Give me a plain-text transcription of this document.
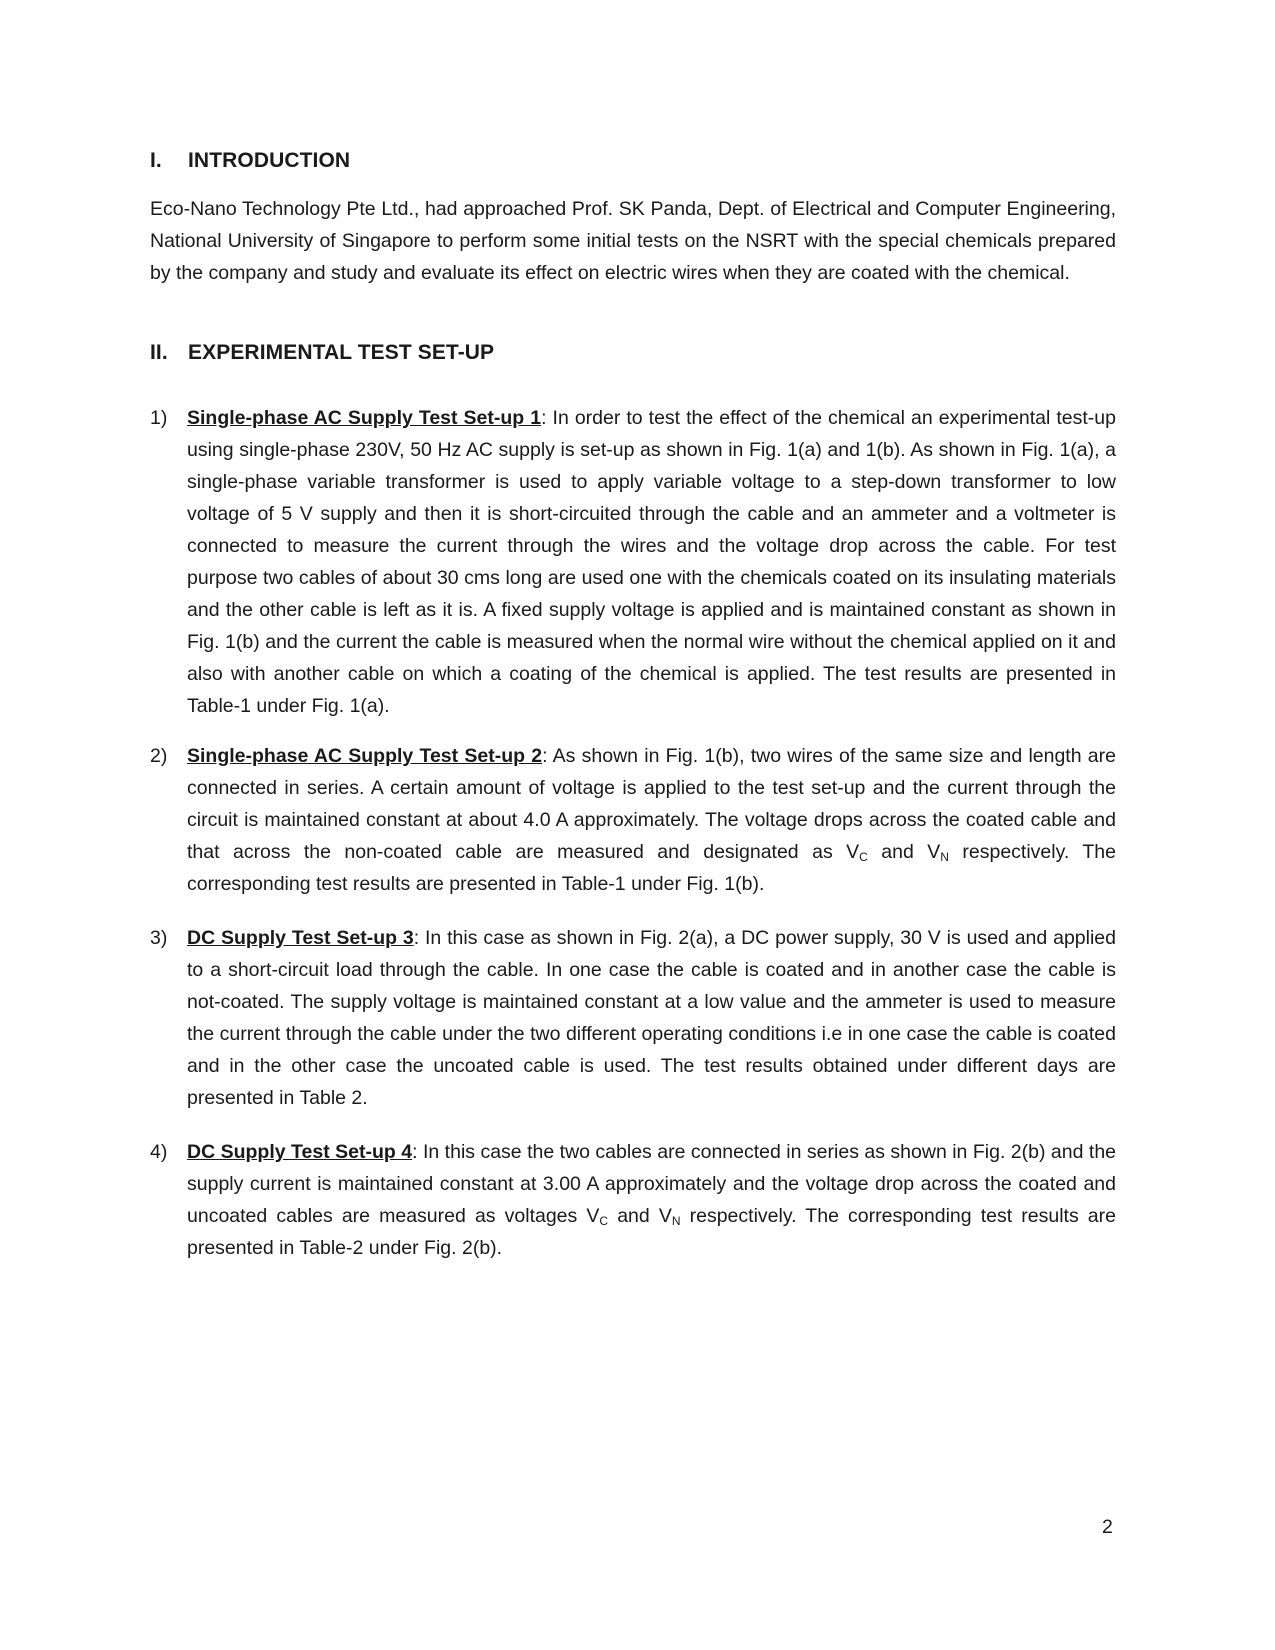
I. INTRODUCTION

Eco-Nano Technology Pte Ltd., had approached Prof. SK Panda, Dept. of Electrical and Computer Engineering, National University of Singapore to perform some initial tests on the NSRT with the special chemicals prepared by the company and study and evaluate its effect on electric wires when they are coated with the chemical.

II. EXPERIMENTAL TEST SET-UP
1) Single-phase AC Supply Test Set-up 1: In order to test the effect of the chemical an experimental test-up using single-phase 230V, 50 Hz AC supply is set-up as shown in Fig. 1(a) and 1(b). As shown in Fig. 1(a), a single-phase variable transformer is used to apply variable voltage to a step-down transformer to low voltage of 5 V supply and then it is short-circuited through the cable and an ammeter and a voltmeter is connected to measure the current through the wires and the voltage drop across the cable. For test purpose two cables of about 30 cms long are used one with the chemicals coated on its insulating materials and the other cable is left as it is. A fixed supply voltage is applied and is maintained constant as shown in Fig. 1(b) and the current the cable is measured when the normal wire without the chemical applied on it and also with another cable on which a coating of the chemical is applied. The test results are presented in Table-1 under Fig. 1(a).
2) Single-phase AC Supply Test Set-up 2: As shown in Fig. 1(b), two wires of the same size and length are connected in series. A certain amount of voltage is applied to the test set-up and the current through the circuit is maintained constant at about 4.0 A approximately. The voltage drops across the coated cable and that across the non-coated cable are measured and designated as $V_C$ and $V_N$ respectively. The corresponding test results are presented in Table-1 under Fig. 1(b).
3) DC Supply Test Set-up 3: In this case as shown in Fig. 2(a), a DC power supply, 30 V is used and applied to a short-circuit load through the cable. In one case the cable is coated and in another case the cable is not-coated. The supply voltage is maintained constant at a low value and the ammeter is used to measure the current through the cable under the two different operating conditions i.e in one case the cable is coated and in the other case the uncoated cable is used. The test results obtained under different days are presented in Table 2.
4) DC Supply Test Set-up 4: In this case the two cables are connected in series as shown in Fig. 2(b) and the supply current is maintained constant at 3.00 A approximately and the voltage drop across the coated and uncoated cables are measured as voltages $V_C$ and $V_N$ respectively. The corresponding test results are presented in Table-2 under Fig. 2(b).
2
